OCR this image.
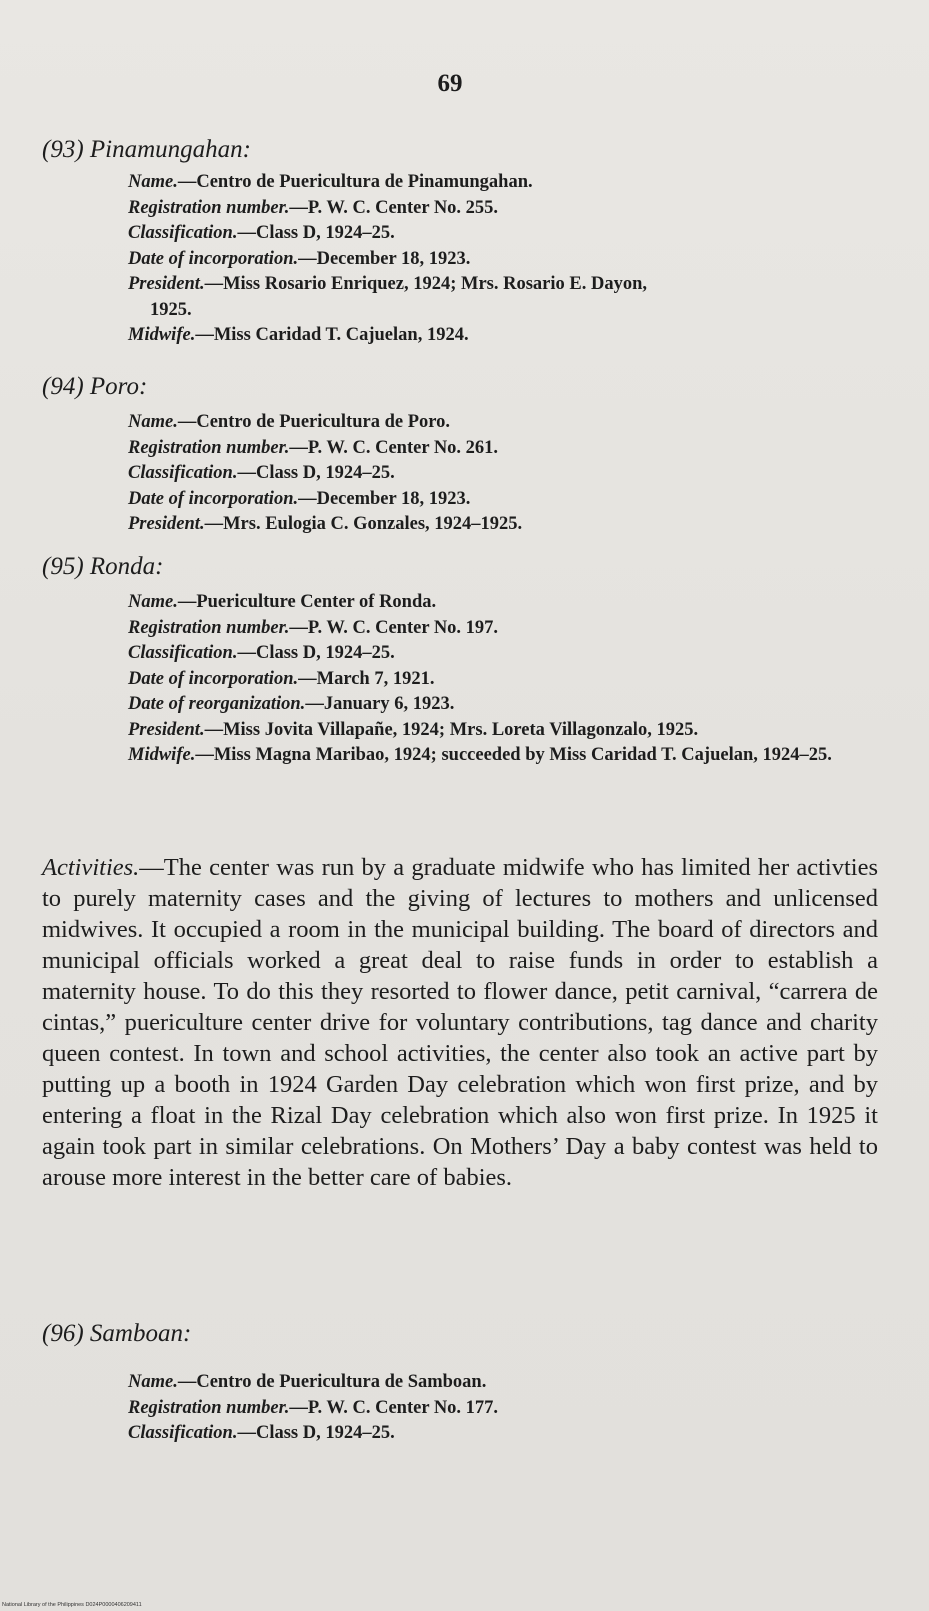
69
(93) Pinamungahan:
Name.—Centro de Puericultura de Pinamungahan.
Registration number.—P. W. C. Center No. 255.
Classification.—Class D, 1924–25.
Date of incorporation.—December 18, 1923.
President.—Miss Rosario Enriquez, 1924; Mrs. Rosario E. Dayon,
1925.
Midwife.—Miss Caridad T. Cajuelan, 1924.
(94) Poro:
Name.—Centro de Puericultura de Poro.
Registration number.—P. W. C. Center No. 261.
Classification.—Class D, 1924–25.
Date of incorporation.—December 18, 1923.
President.—Mrs. Eulogia C. Gonzales, 1924–1925.
(95) Ronda:
Name.—Puericulture Center of Ronda.
Registration number.—P. W. C. Center No. 197.
Classification.—Class D, 1924–25.
Date of incorporation.—March 7, 1921.
Date of reorganization.—January 6, 1923.
President.—Miss Jovita Villapañe, 1924; Mrs. Loreta Villagonzalo, 1925.
Midwife.—Miss Magna Maribao, 1924; succeeded by Miss Caridad T. Cajuelan, 1924–25.
Activities.—The center was run by a graduate midwife who has limited her activties to purely maternity cases and the giving of lectures to mothers and unlicensed midwives. It occupied a room in the municipal building. The board of directors and municipal officials worked a great deal to raise funds in order to establish a maternity house. To do this they resorted to flower dance, petit carnival, “carrera de cintas,” puericulture center drive for voluntary contributions, tag dance and charity queen contest. In town and school activities, the center also took an active part by putting up a booth in 1924 Garden Day celebration which won first prize, and by entering a float in the Rizal Day celebration which also won first prize. In 1925 it again took part in similar celebrations. On Mothers’ Day a baby contest was held to arouse more interest in the better care of babies.
(96) Samboan:
Name.—Centro de Puericultura de Samboan.
Registration number.—P. W. C. Center No. 177.
Classification.—Class D, 1924–25.
National Library of the Philippines D024P0000406209411
